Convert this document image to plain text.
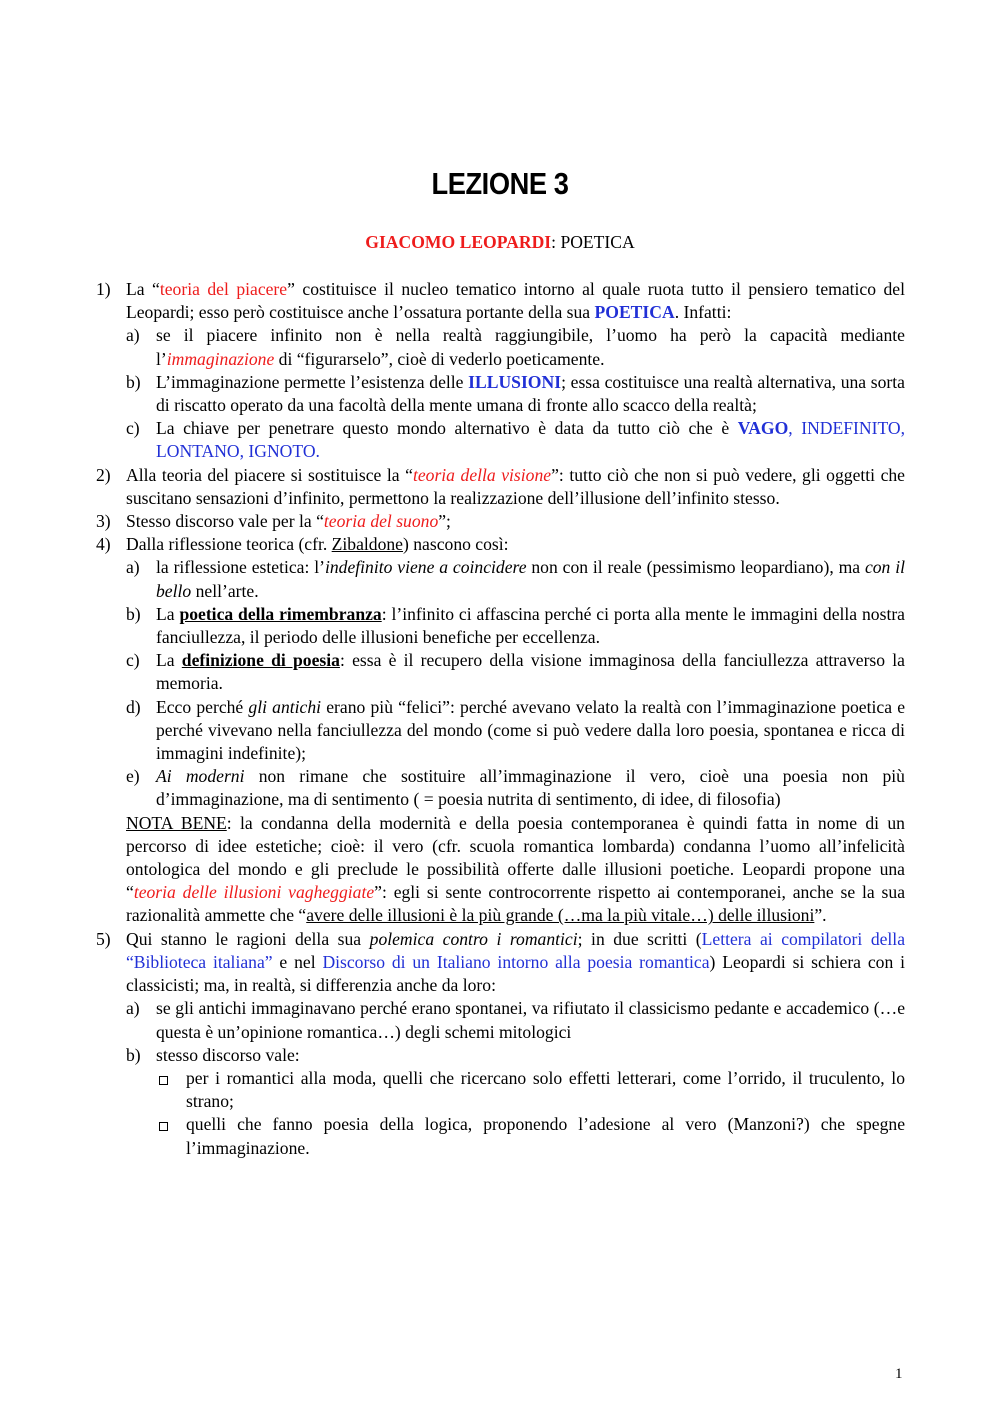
LEZIONE 3
GIACOMO LEOPARDI: POETICA
1) La “teoria del piacere” costituisce il nucleo tematico intorno al quale ruota tutto il pensiero tematico del Leopardi; esso però costituisce anche l’ossatura portante della sua POETICA. Infatti:
a) se il piacere infinito non è nella realtà raggiungibile, l’uomo ha però la capacità mediante l’immaginazione di “figurarselo”, cioè di vederlo poeticamente.
b) L’immaginazione permette l’esistenza delle ILLUSIONI; essa costituisce una realtà alternativa, una sorta di riscatto operato da una facoltà della mente umana di fronte allo scacco della realtà;
c) La chiave per penetrare questo mondo alternativo è data da tutto ciò che è VAGO, INDEFINITO, LONTANO, IGNOTO.
2) Alla teoria del piacere si sostituisce la “teoria della visione”: tutto ciò che non si può vedere, gli oggetti che suscitano sensazioni d’infinito, permettono la realizzazione dell’illusione dell’infinito stesso.
3) Stesso discorso vale per la “teoria del suono”;
4) Dalla riflessione teorica (cfr. Zibaldone) nascono così:
a) la riflessione estetica: l’indefinito viene a coincidere non con il reale (pessimismo leopardiano), ma con il bello nell’arte.
b) La poetica della rimembranza: l’infinito ci affascina perché ci porta alla mente le immagini della nostra fanciullezza, il periodo delle illusioni benefiche per eccellenza.
c) La definizione di poesia: essa è il recupero della visione immaginosa della fanciullezza attraverso la memoria.
d) Ecco perché gli antichi erano più “felici”: perché avevano velato la realtà con l’immaginazione poetica e perché vivevano nella fanciullezza del mondo (come si può vedere dalla loro poesia, spontanea e ricca di immagini indefinite);
e) Ai moderni non rimane che sostituire all’immaginazione il vero, cioè una poesia non più d’immaginazione, ma di sentimento ( = poesia nutrita di sentimento, di idee, di filosofia)
NOTA BENE: la condanna della modernità e della poesia contemporanea è quindi fatta in nome di un percorso di idee estetiche; cioè: il vero (cfr. scuola romantica lombarda) condanna l’uomo all’infelicità ontologica del mondo e gli preclude le possibilità offerte dalle illusioni poetiche. Leopardi propone una “teoria delle illusioni vagheggiate”: egli si sente controcorrente rispetto ai contemporanei, anche se la sua razionalità ammette che “avere delle illusioni è la più grande (…ma la più vitale…) delle illusioni”.
5) Qui stanno le ragioni della sua polemica contro i romantici; in due scritti (Lettera ai compilatori della “Biblioteca italiana” e nel Discorso di un Italiano intorno alla poesia romantica) Leopardi si schiera con i classicisti; ma, in realtà, si differenzia anche da loro:
a) se gli antichi immaginavano perché erano spontanei, va rifiutato il classicismo pedante e accademico (…e questa è un’opinione romantica…) degli schemi mitologici
b) stesso discorso vale:
per i romantici alla moda, quelli che ricercano solo effetti letterari, come l’orrido, il truculento, lo strano;
quelli che fanno poesia della logica, proponendo l’adesione al vero (Manzoni?) che spegne l’immaginazione.
1
